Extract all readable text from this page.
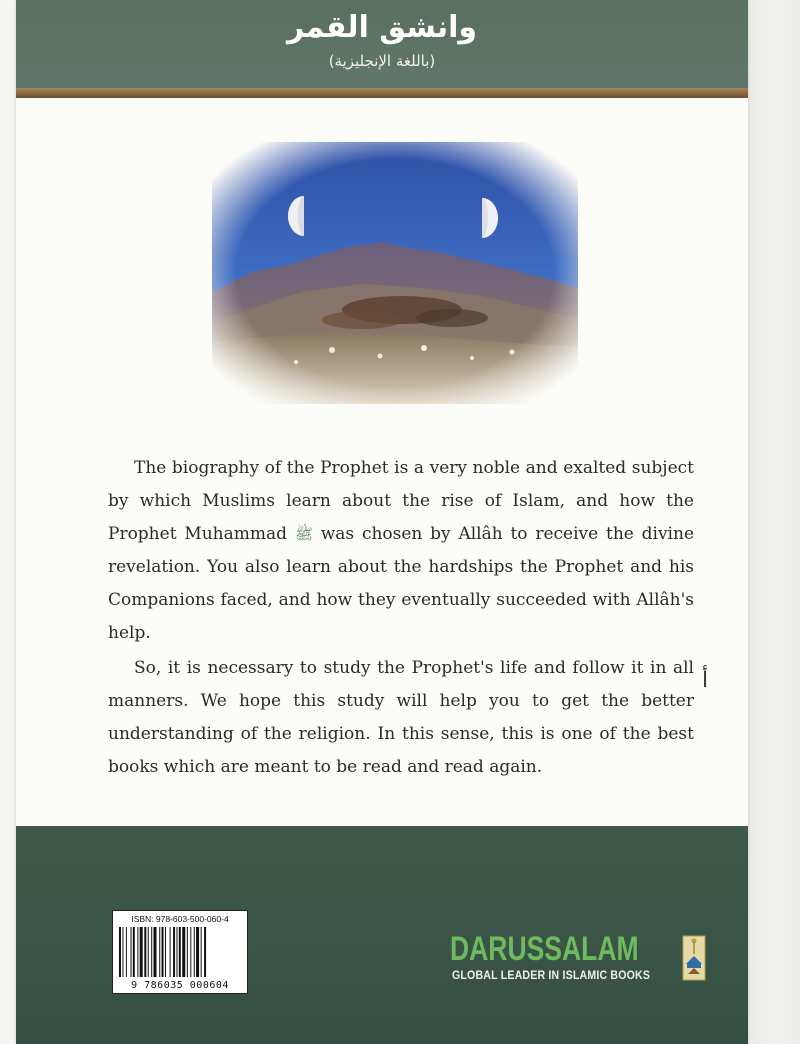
وانشق القمر
(باللغة الإنجليزية)

The biography of the Prophet is a very noble and exalted subject by which Muslims learn about the rise of Islam, and how the Prophet Muhammad ﷺ was chosen by Allâh to receive the divine revelation. You also learn about the hardships the Prophet and his Companions faced, and how they eventually succeeded with Allâh's help.

So, it is necessary to study the Prophet's life and follow it in all manners. We hope this study will help you to get the better understanding of the religion. In this sense, this is one of the best books which are meant to be read and read again.

أ
ISBN: 978-603-500-060-4
9 786035 000604
DARUSSALAM
GLOBAL LEADER IN ISLAMIC BOOKS
